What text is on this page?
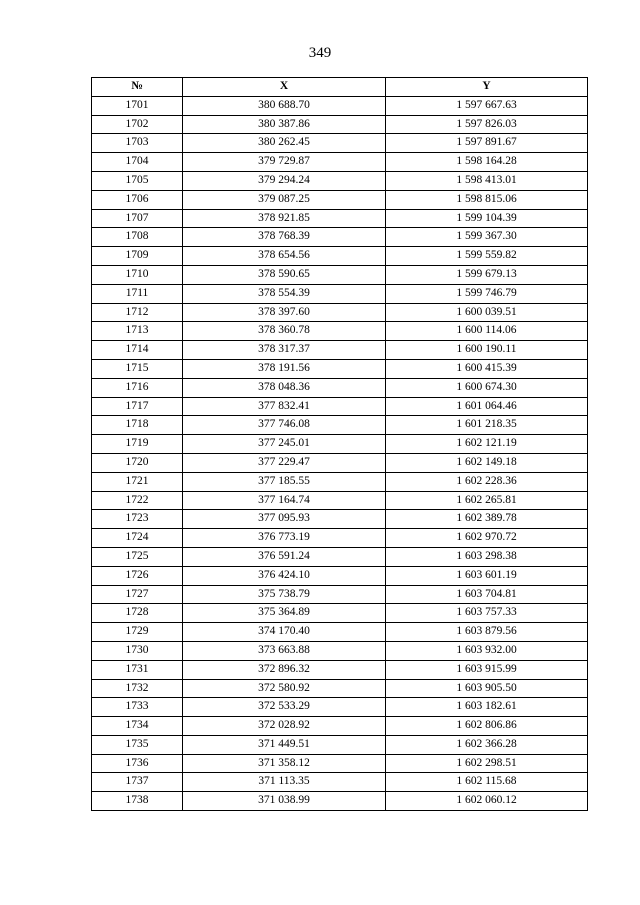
349
№	X	Y
1701	380 688.70	1 597 667.63
1702	380 387.86	1 597 826.03
1703	380 262.45	1 597 891.67
1704	379 729.87	1 598 164.28
1705	379 294.24	1 598 413.01
1706	379 087.25	1 598 815.06
1707	378 921.85	1 599 104.39
1708	378 768.39	1 599 367.30
1709	378 654.56	1 599 559.82
1710	378 590.65	1 599 679.13
1711	378 554.39	1 599 746.79
1712	378 397.60	1 600 039.51
1713	378 360.78	1 600 114.06
1714	378 317.37	1 600 190.11
1715	378 191.56	1 600 415.39
1716	378 048.36	1 600 674.30
1717	377 832.41	1 601 064.46
1718	377 746.08	1 601 218.35
1719	377 245.01	1 602 121.19
1720	377 229.47	1 602 149.18
1721	377 185.55	1 602 228.36
1722	377 164.74	1 602 265.81
1723	377 095.93	1 602 389.78
1724	376 773.19	1 602 970.72
1725	376 591.24	1 603 298.38
1726	376 424.10	1 603 601.19
1727	375 738.79	1 603 704.81
1728	375 364.89	1 603 757.33
1729	374 170.40	1 603 879.56
1730	373 663.88	1 603 932.00
1731	372 896.32	1 603 915.99
1732	372 580.92	1 603 905.50
1733	372 533.29	1 603 182.61
1734	372 028.92	1 602 806.86
1735	371 449.51	1 602 366.28
1736	371 358.12	1 602 298.51
1737	371 113.35	1 602 115.68
1738	371 038.99	1 602 060.12
